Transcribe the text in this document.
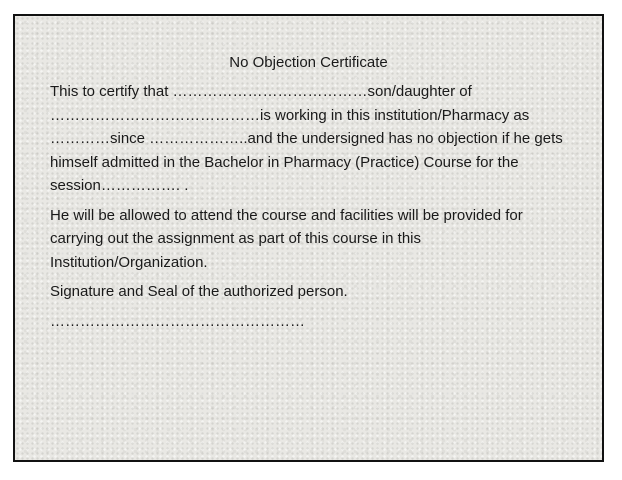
No Objection Certificate

This to certify that …………………………………son/daughter of
……………………………………is working in this institution/Pharmacy as
…………since ………………..and the undersigned has no objection if he gets
himself admitted in the Bachelor in Pharmacy (Practice) Course for the
session……………. .

He will be allowed to attend the course and facilities will be provided for
carrying out the assignment as part of this course in this
Institution/Organization.

Signature and Seal of the authorized person.

……………………………………………
